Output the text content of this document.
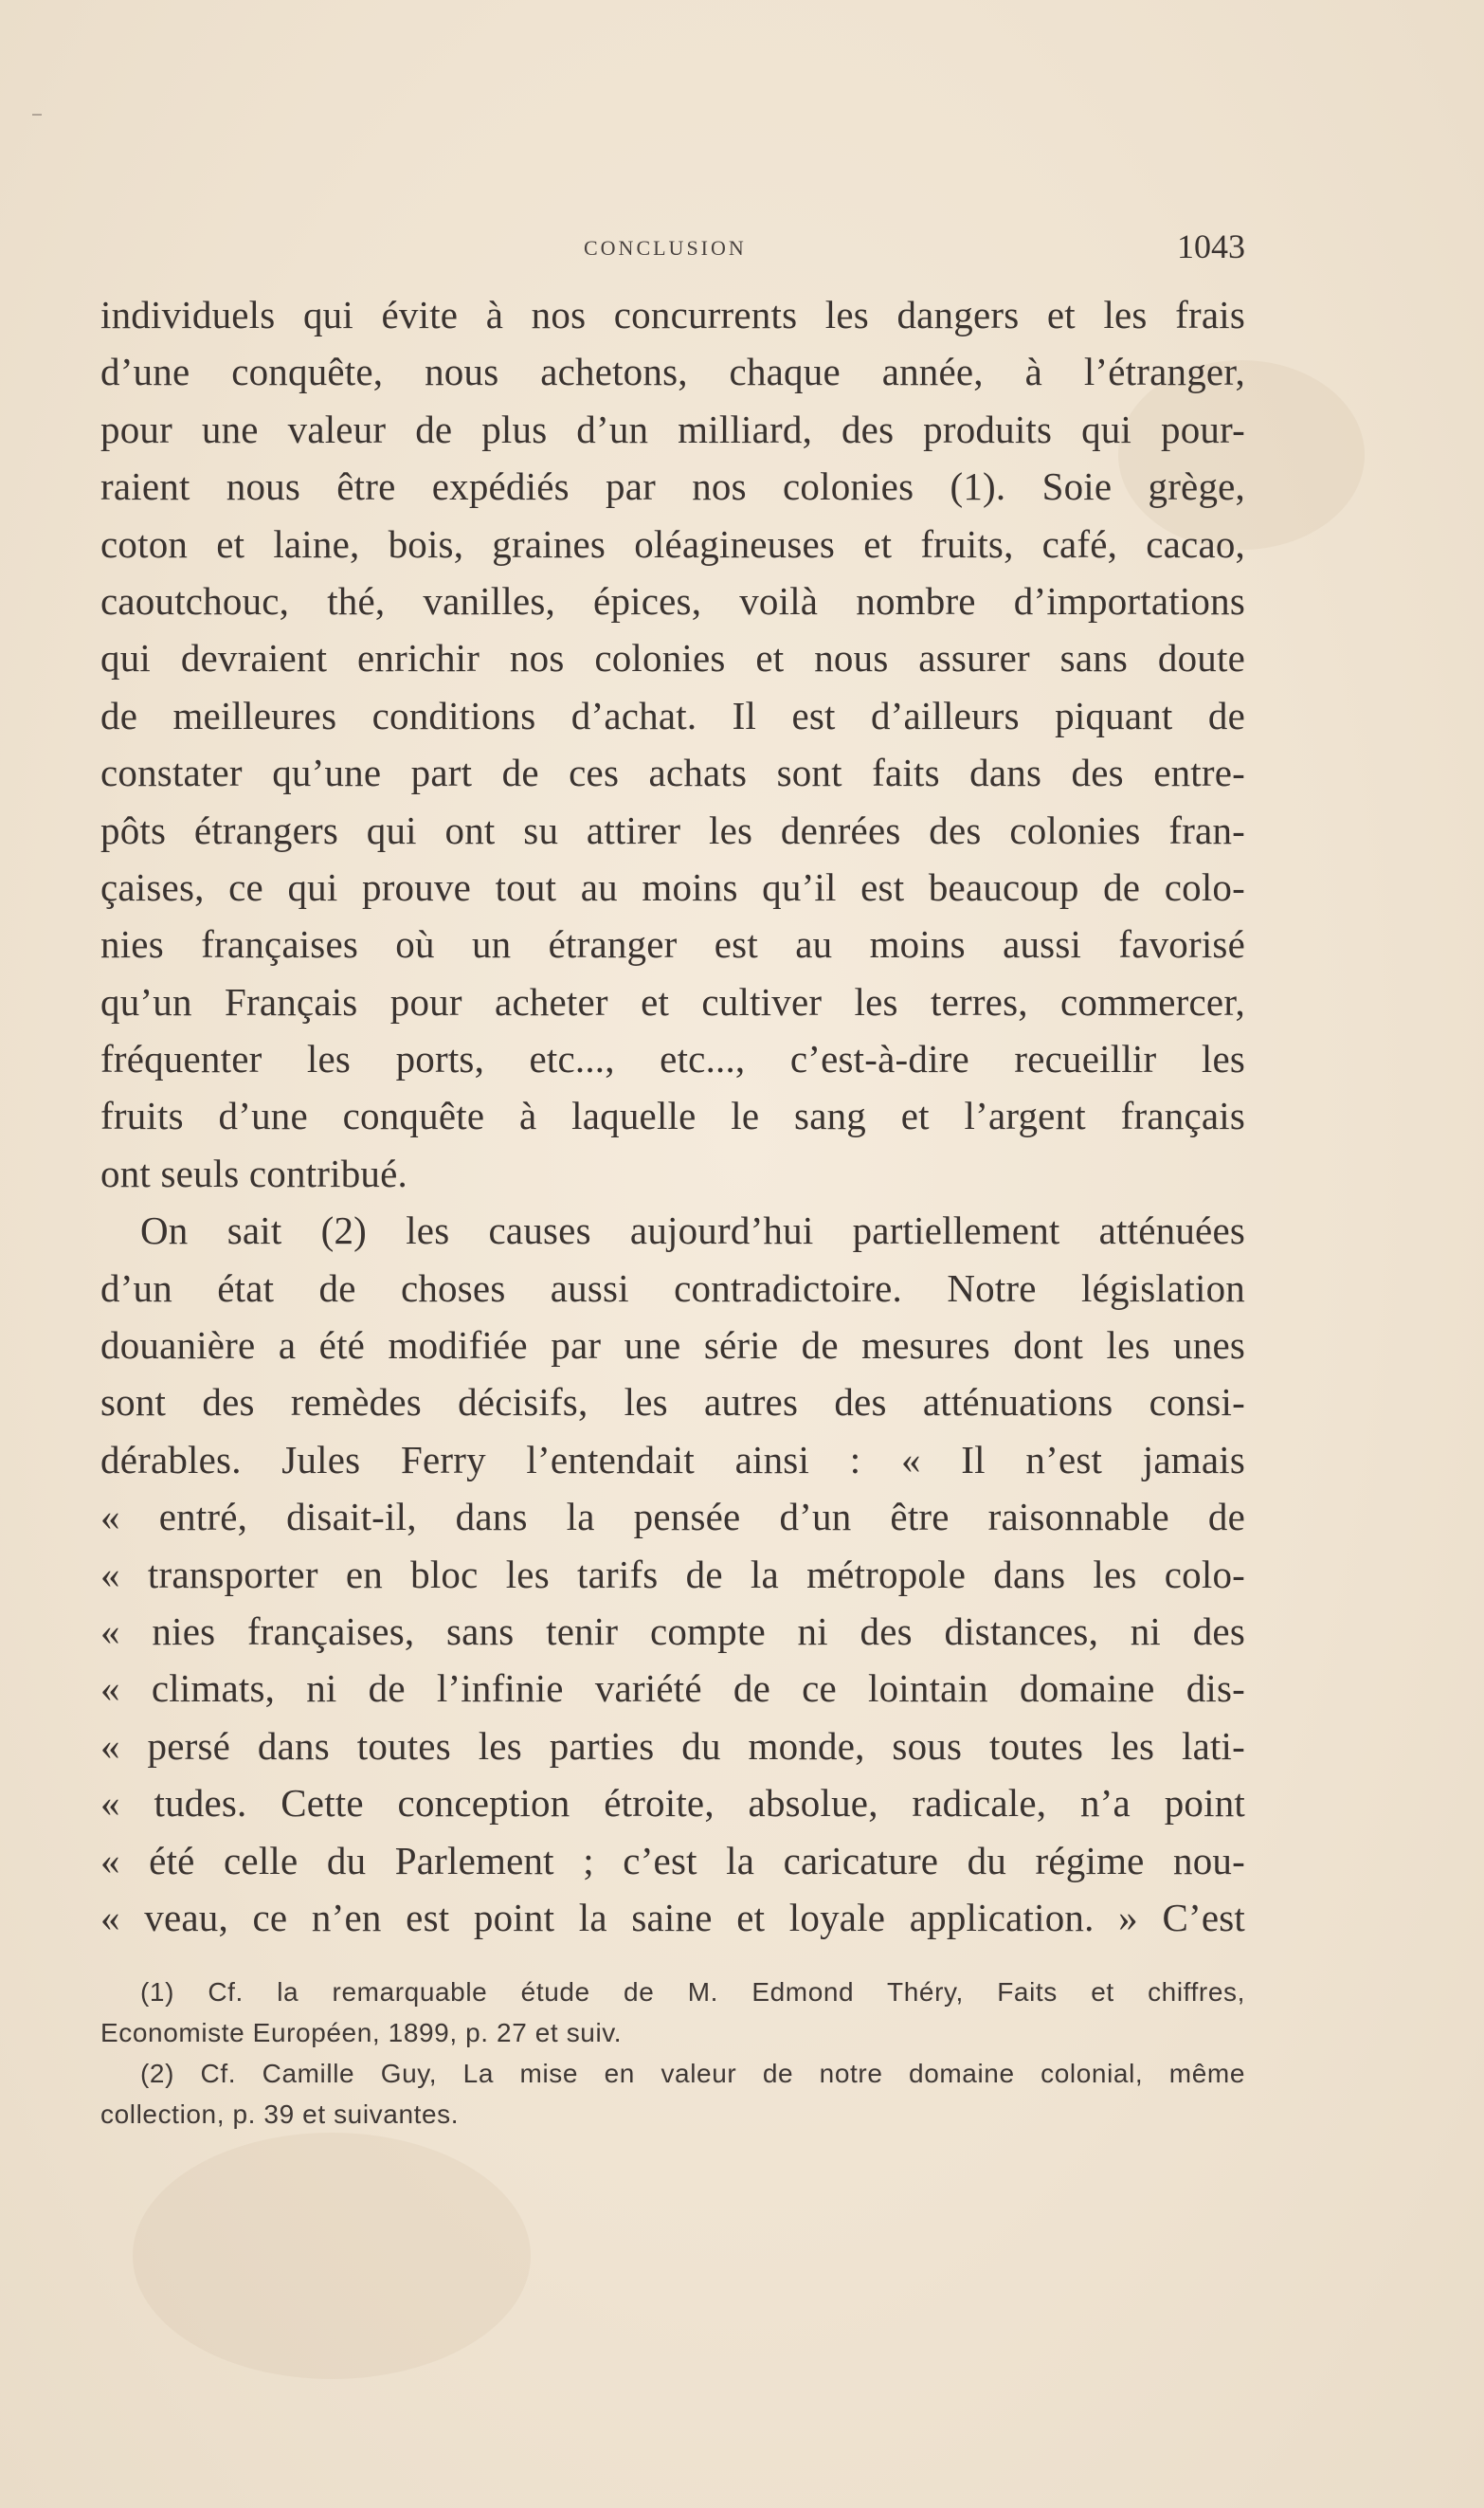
CONCLUSION	1043
individuels qui évite à nos concurrents les dangers et les frais
d’une conquête, nous achetons, chaque année, à l’étranger,
pour une valeur de plus d’un milliard, des produits qui pour-
raient nous être expédiés par nos colonies (1). Soie grège,
coton et laine, bois, graines oléagineuses et fruits, café, cacao,
caoutchouc, thé, vanilles, épices, voilà nombre d’importations
qui devraient enrichir nos colonies et nous assurer sans doute
de meilleures conditions d’achat. Il est d’ailleurs piquant de
constater qu’une part de ces achats sont faits dans des entre-
pôts étrangers qui ont su attirer les denrées des colonies fran-
çaises, ce qui prouve tout au moins qu’il est beaucoup de colo-
nies françaises où un étranger est au moins aussi favorisé
qu’un Français pour acheter et cultiver les terres, commercer,
fréquenter les ports, etc..., etc..., c’est-à-dire recueillir les
fruits d’une conquête à laquelle le sang et l’argent français
ont seuls contribué.
On sait (2) les causes aujourd’hui partiellement atténuées
d’un état de choses aussi contradictoire. Notre législation
douanière a été modifiée par une série de mesures dont les unes
sont des remèdes décisifs, les autres des atténuations consi-
dérables. Jules Ferry l’entendait ainsi : « Il n’est jamais
« entré, disait-il, dans la pensée d’un être raisonnable de
« transporter en bloc les tarifs de la métropole dans les colo-
« nies françaises, sans tenir compte ni des distances, ni des
« climats, ni de l’infinie variété de ce lointain domaine dis-
« persé dans toutes les parties du monde, sous toutes les lati-
« tudes. Cette conception étroite, absolue, radicale, n’a point
« été celle du Parlement ; c’est la caricature du régime nou-
« veau, ce n’en est point la saine et loyale application. » C’est
(1) Cf. la remarquable étude de M. Edmond Théry, Faits et chiffres,
Economiste Européen, 1899, p. 27 et suiv.
(2) Cf. Camille Guy, La mise en valeur de notre domaine colonial, même
collection, p. 39 et suivantes.
